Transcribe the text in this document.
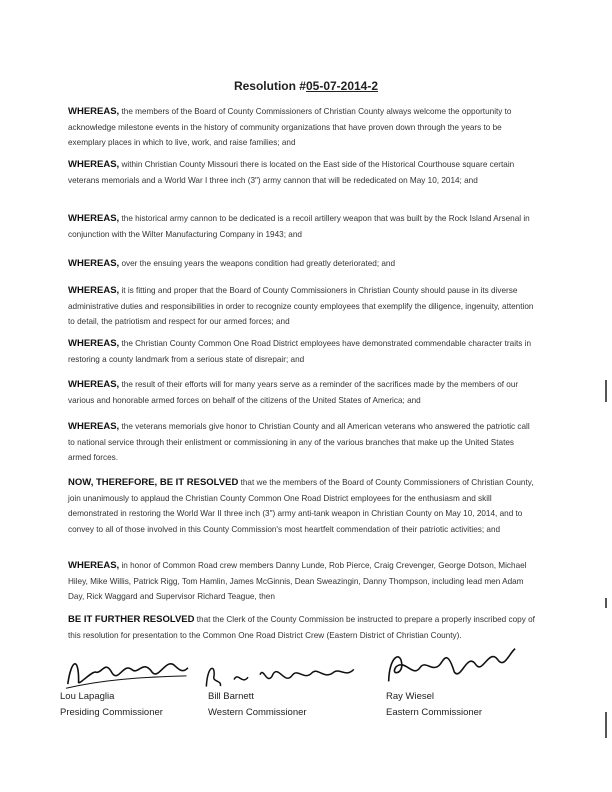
Resolution #05-07-2014-2
WHEREAS, the members of the Board of County Commissioners of Christian County always welcome the opportunity to acknowledge milestone events in the history of community organizations that have proven down through the years to be exemplary places in which to live, work, and raise families; and
WHEREAS, within Christian County Missouri there is located on the East side of the Historical Courthouse square certain veterans memorials and a World War I three inch (3") army cannon that will be rededicated on May 10, 2014; and
WHEREAS, the historical army cannon to be dedicated is a recoil artillery weapon that was built by the Rock Island Arsenal in conjunction with the Wilter Manufacturing Company in 1943; and
WHEREAS, over the ensuing years the weapons condition had greatly deteriorated; and
WHEREAS, it is fitting and proper that the Board of County Commissioners in Christian County should pause in its diverse administrative duties and responsibilities in order to recognize county employees that exemplify the diligence, ingenuity, attention to detail, the patriotism and respect for our armed forces; and
WHEREAS, the Christian County Common One Road District employees have demonstrated commendable character traits in restoring a county landmark from a serious state of disrepair; and
WHEREAS, the result of their efforts will for many years serve as a reminder of the sacrifices made by the members of our various and honorable armed forces on behalf of the citizens of the United States of America; and
WHEREAS, the veterans memorials give honor to Christian County and all American veterans who answered the patriotic call to national service through their enlistment or commissioning in any of the various branches that make up the United States armed forces.
NOW, THEREFORE, BE IT RESOLVED that we the members of the Board of County Commissioners of Christian County, join unanimously to applaud the Christian County Common One Road District employees for the enthusiasm and skill demonstrated in restoring the World War II three inch (3") army anti-tank weapon in Christian County on May 10, 2014, and to convey to all of those involved in this County Commission's most heartfelt commendation of their patriotic activities; and
WHEREAS, in honor of Common Road crew members Danny Lunde, Rob Pierce, Craig Crevenger, George Dotson, Michael Hiley, Mike Willis, Patrick Rigg, Tom Hamlin, James McGinnis, Dean Sweazingin, Danny Thompson, including lead men Adam Day, Rick Waggard and Supervisor Richard Teague, then
BE IT FURTHER RESOLVED that the Clerk of the County Commission be instructed to prepare a properly inscribed copy of this resolution for presentation to the Common One Road District Crew (Eastern District of Christian County).
Lou Lapaglia
Presiding Commissioner
Bill Barnett
Western Commissioner
Ray Wiesel
Eastern Commissioner
